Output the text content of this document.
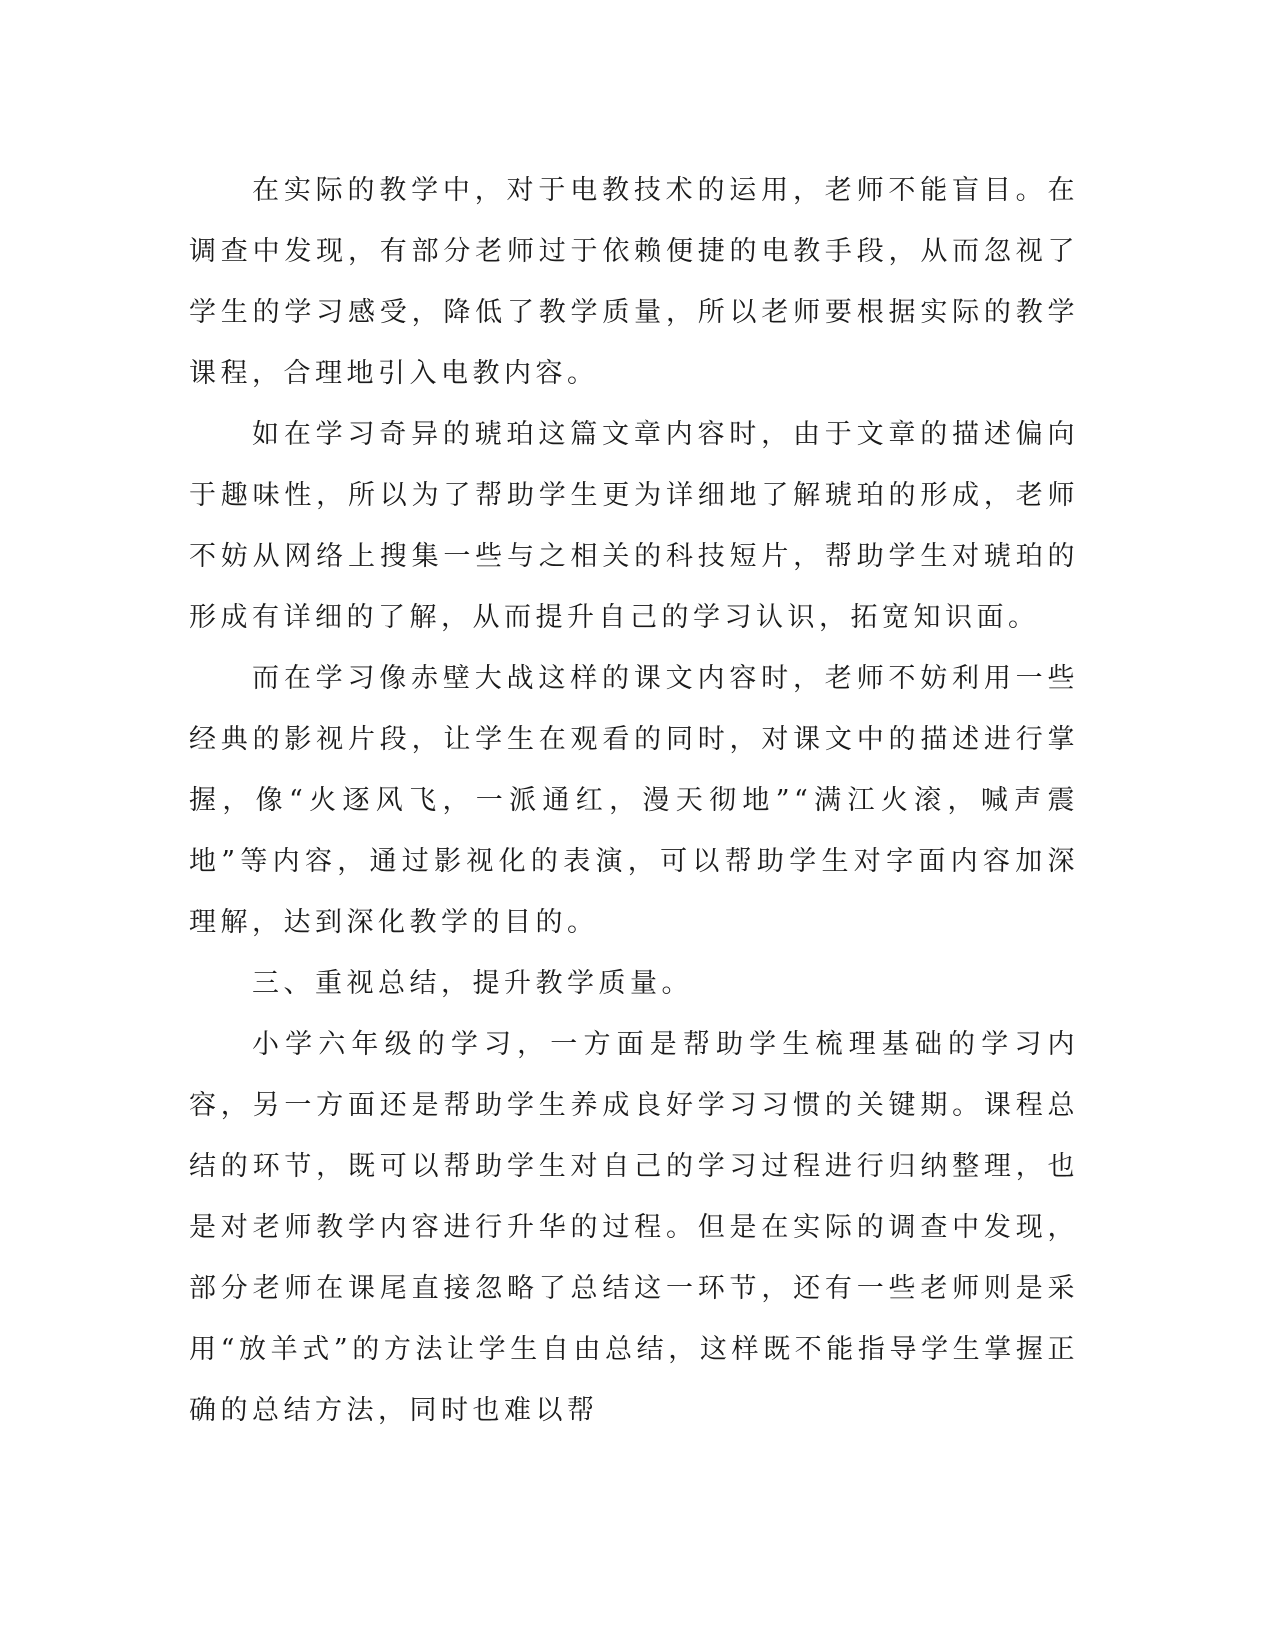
在实际的教学中，对于电教技术的运用，老师不能盲目。在调查中发现，有部分老师过于依赖便捷的电教手段，从而忽视了学生的学习感受，降低了教学质量，所以老师要根据实际的教学课程，合理地引入电教内容。

如在学习奇异的琥珀这篇文章内容时，由于文章的描述偏向于趣味性，所以为了帮助学生更为详细地了解琥珀的形成，老师不妨从网络上搜集一些与之相关的科技短片，帮助学生对琥珀的形成有详细的了解，从而提升自己的学习认识，拓宽知识面。

而在学习像赤壁大战这样的课文内容时，老师不妨利用一些经典的影视片段，让学生在观看的同时，对课文中的描述进行掌握，像“火逐风飞，一派通红，漫天彻地”“满江火滚，喊声震地”等内容，通过影视化的表演，可以帮助学生对字面内容加深理解，达到深化教学的目的。

三、重视总结，提升教学质量。

小学六年级的学习，一方面是帮助学生梳理基础的学习内容，另一方面还是帮助学生养成良好学习习惯的关键期。课程总结的环节，既可以帮助学生对自己的学习过程进行归纳整理，也是对老师教学内容进行升华的过程。但是在实际的调查中发现，部分老师在课尾直接忽略了总结这一环节，还有一些老师则是采用“放羊式”的方法让学生自由总结，这样既不能指导学生掌握正确的总结方法，同时也难以帮
